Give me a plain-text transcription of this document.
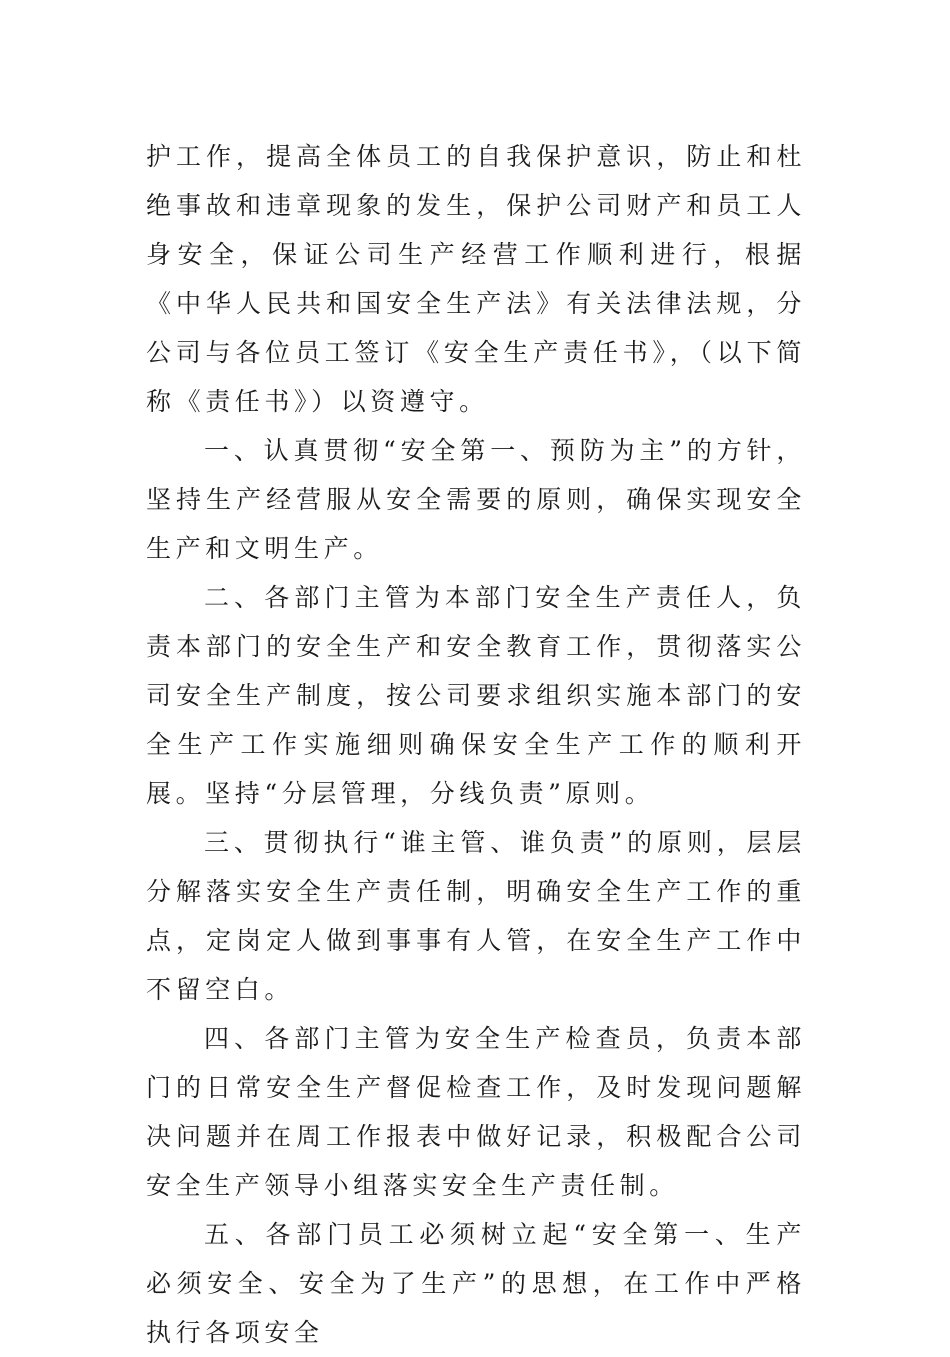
护工作，提高全体员工的自我保护意识，防止和杜绝事故和违章现象的发生，保护公司财产和员工人身安全，保证公司生产经营工作顺利进行，根据《中华人民共和国安全生产法》有关法律法规，分公司与各位员工签订《安全生产责任书》，（以下简称《责任书》）以资遵守。

一、认真贯彻“安全第一、预防为主”的方针，坚持生产经营服从安全需要的原则，确保实现安全生产和文明生产。

二、各部门主管为本部门安全生产责任人，负责本部门的安全生产和安全教育工作，贯彻落实公司安全生产制度，按公司要求组织实施本部门的安全生产工作实施细则确保安全生产工作的顺利开展。坚持“分层管理，分线负责”原则。

三、贯彻执行“谁主管、谁负责”的原则，层层分解落实安全生产责任制，明确安全生产工作的重点，定岗定人做到事事有人管，在安全生产工作中不留空白。

四、各部门主管为安全生产检查员，负责本部门的日常安全生产督促检查工作，及时发现问题解决问题并在周工作报表中做好记录，积极配合公司安全生产领导小组落实安全生产责任制。

五、各部门员工必须树立起“安全第一、生产必须安全、安全为了生产”的思想，在工作中严格执行各项安全
